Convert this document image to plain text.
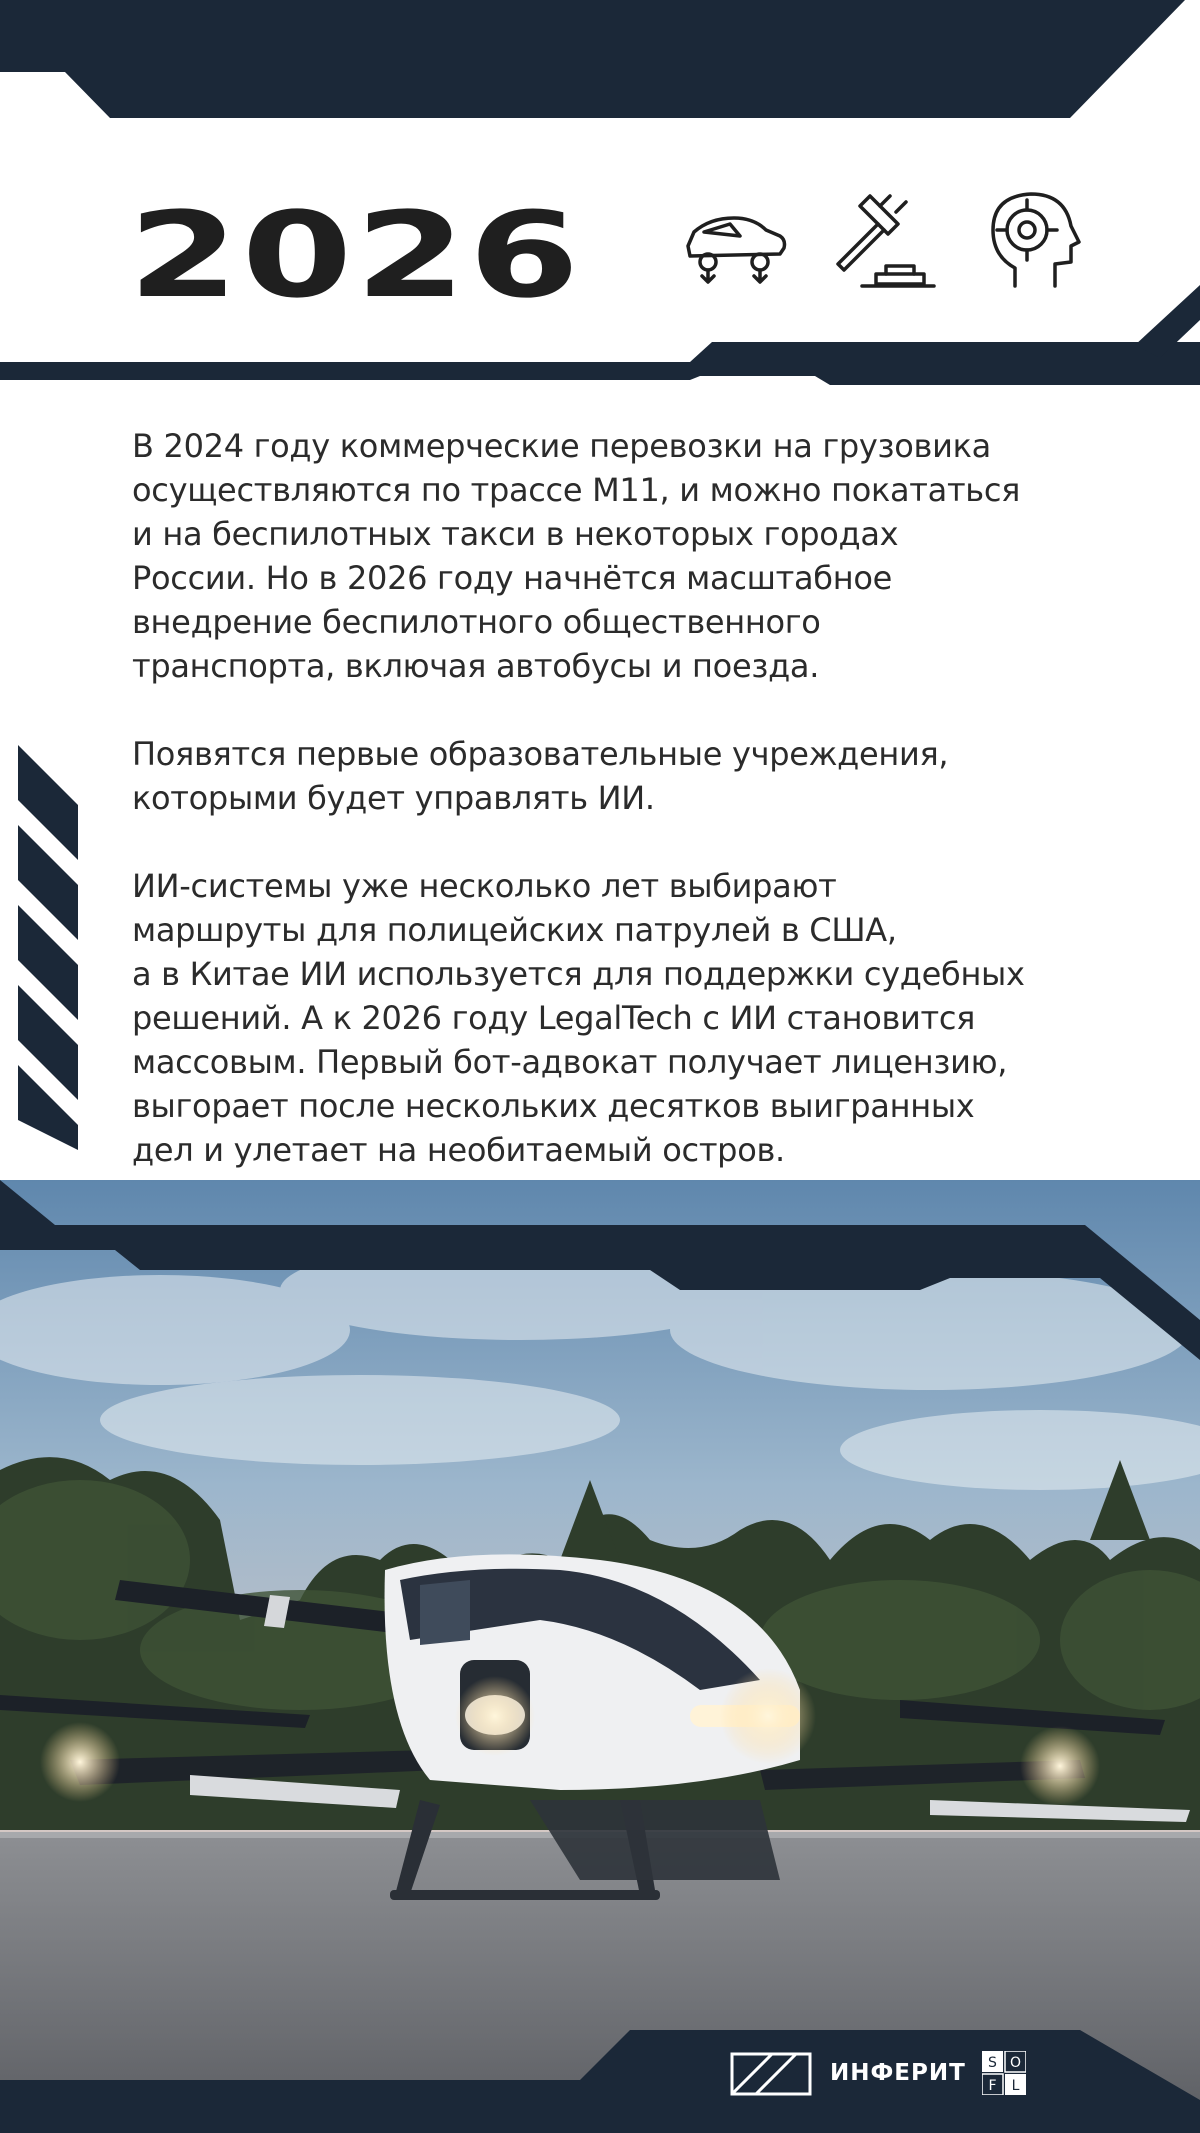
2026

В 2024 году коммерческие перевозки на грузовика
осуществляются по трассе М11, и можно покататься
и на беспилотных такси в некоторых городах
России. Но в 2026 году начнётся масштабное
внедрение беспилотного общественного
транспорта, включая автобусы и поезда.

Появятся первые образовательные учреждения,
которыми будет управлять ИИ.

ИИ-системы уже несколько лет выбирают
маршруты для полицейских патрулей в США,
а в Китае ИИ используется для поддержки судебных
решений. А к 2026 году LegalTech с ИИ становится
массовым. Первый бот-адвокат получает лицензию,
выгорает после нескольких десятков выигранных
дел и улетает на необитаемый остров.

ИНФЕРИТ S O
F L
